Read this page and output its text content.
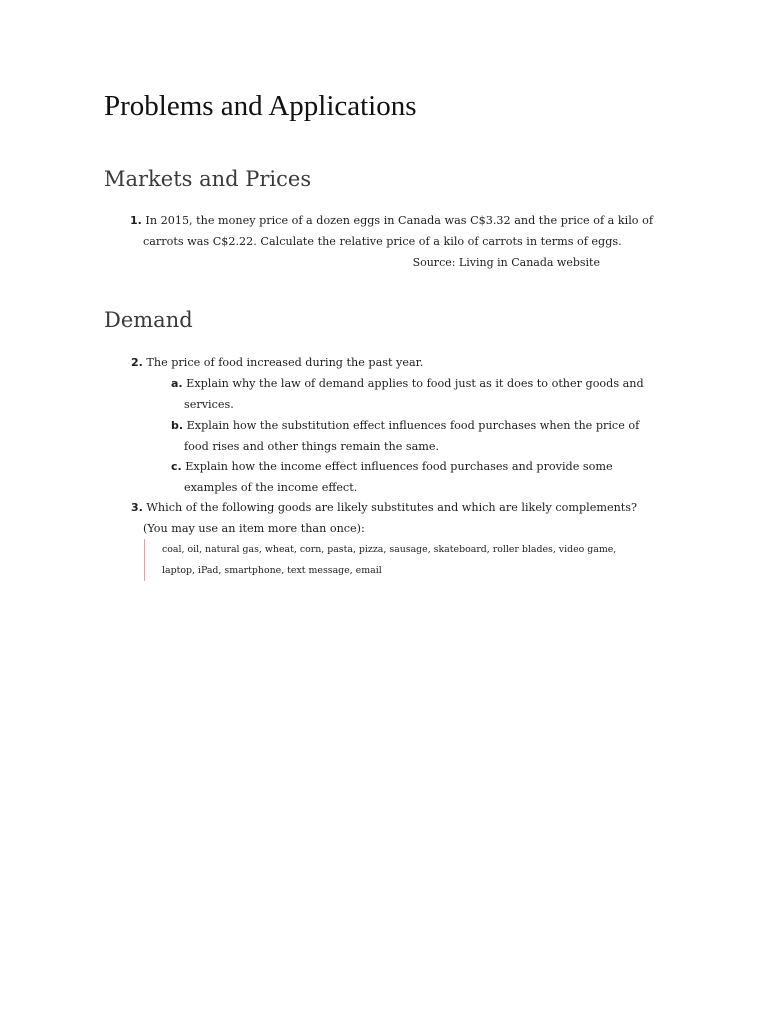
Problems and Applications
Markets and Prices
1. In 2015, the money price of a dozen eggs in Canada was C$3.32 and the price of a kilo of
carrots was C$2.22. Calculate the relative price of a kilo of carrots in terms of eggs.
Source: Living in Canada website
Demand
2. The price of food increased during the past year.
a. Explain why the law of demand applies to food just as it does to other goods and
services.
b. Explain how the substitution effect influences food purchases when the price of
food rises and other things remain the same.
c. Explain how the income effect influences food purchases and provide some
examples of the income effect.
3. Which of the following goods are likely substitutes and which are likely complements?
(You may use an item more than once):
coal, oil, natural gas, wheat, corn, pasta, pizza, sausage, skateboard, roller blades, video game,
laptop, iPad, smartphone, text message, email
